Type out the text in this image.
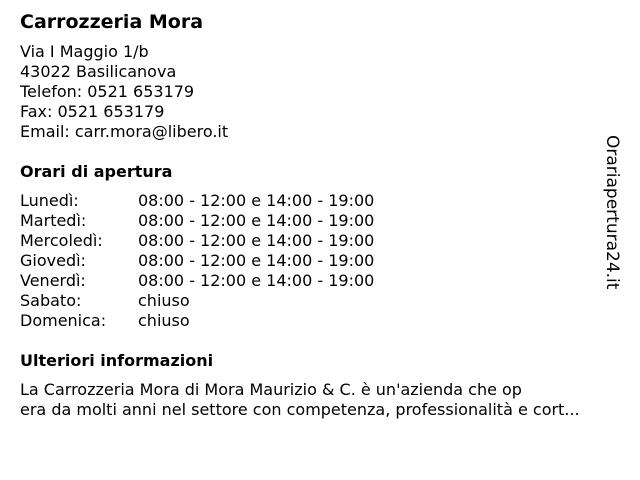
Carrozzeria Mora
Via I Maggio 1/b
43022 Basilicanova
Telefon: 0521 653179
Fax: 0521 653179
Email: carr.mora@libero.it
Orari di apertura
Lunedì:	08:00 - 12:00 e 14:00 - 19:00
Martedì:	08:00 - 12:00 e 14:00 - 19:00
Mercoledì:	08:00 - 12:00 e 14:00 - 19:00
Giovedì:	08:00 - 12:00 e 14:00 - 19:00
Venerdì:	08:00 - 12:00 e 14:00 - 19:00
Sabato:	chiuso
Domenica:	chiuso
Ulteriori informazioni
La Carrozzeria Mora di Mora Maurizio & C. è un'azienda che op
era da molti anni nel settore con competenza, professionalità e cort...
Orariapertura24.it
